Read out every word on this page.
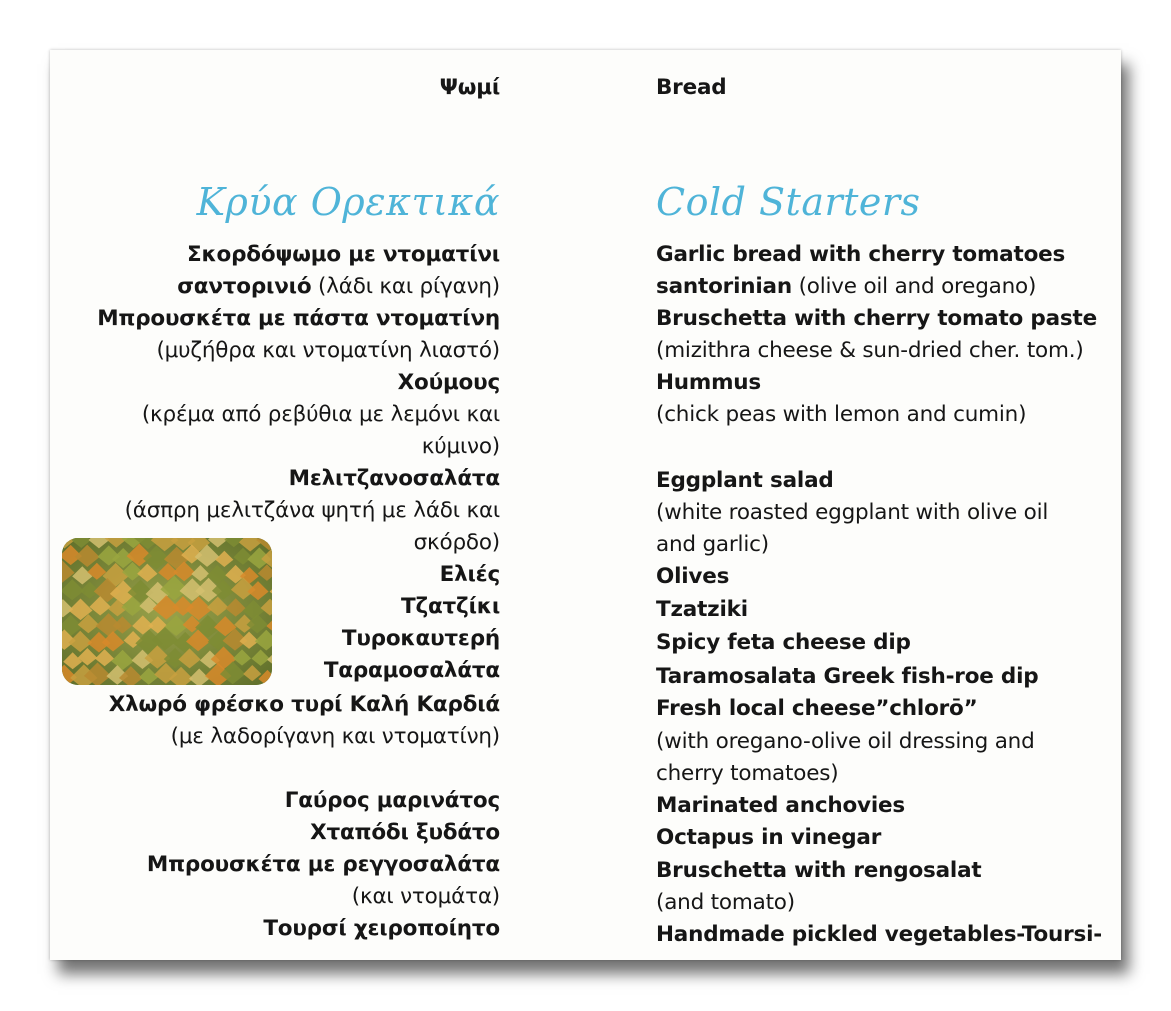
Ψωμί
Κρύα Ορεκτικά
Σκορδόψωμο με ντοματίνι
σαντορινιό (λάδι και ρίγανη)
Μπρουσκέτα με πάστα ντοματίνη
(μυζήθρα και ντοματίνη λιαστό)
Χούμους
(κρέμα από ρεβύθια με λεμόνι και
κύμινο)
Μελιτζανοσαλάτα
(άσπρη μελιτζάνα ψητή με λάδι και
σκόρδο)
Ελιές
Τζατζίκι
Τυροκαυτερή
Ταραμοσαλάτα
Χλωρό φρέσκο τυρί Καλή Καρδιά
(με λαδορίγανη και ντοματίνη)
Γαύρος μαρινάτος
Χταπόδι ξυδάτο
Μπρουσκέτα με ρεγγοσαλάτα
(και ντομάτα)
Τουρσί χειροποίητο
Bread
Cold Starters
Garlic bread with cherry tomatoes
santorinian (olive oil and oregano)
Bruschetta with cherry tomato paste
(mizithra cheese & sun-dried cher. tom.)
Hummus
(chick peas with lemon and cumin)
Eggplant salad
(white roasted eggplant with olive oil
and garlic)
Olives
Tzatziki
Spicy feta cheese dip
Taramosalata Greek fish-roe dip
Fresh local cheese”chlorō”
(with oregano-olive oil dressing and
cherry tomatoes)
Marinated anchovies
Octapus in vinegar
Bruschetta with rengosalat
(and tomato)
Handmade pickled vegetables-Toursi-
